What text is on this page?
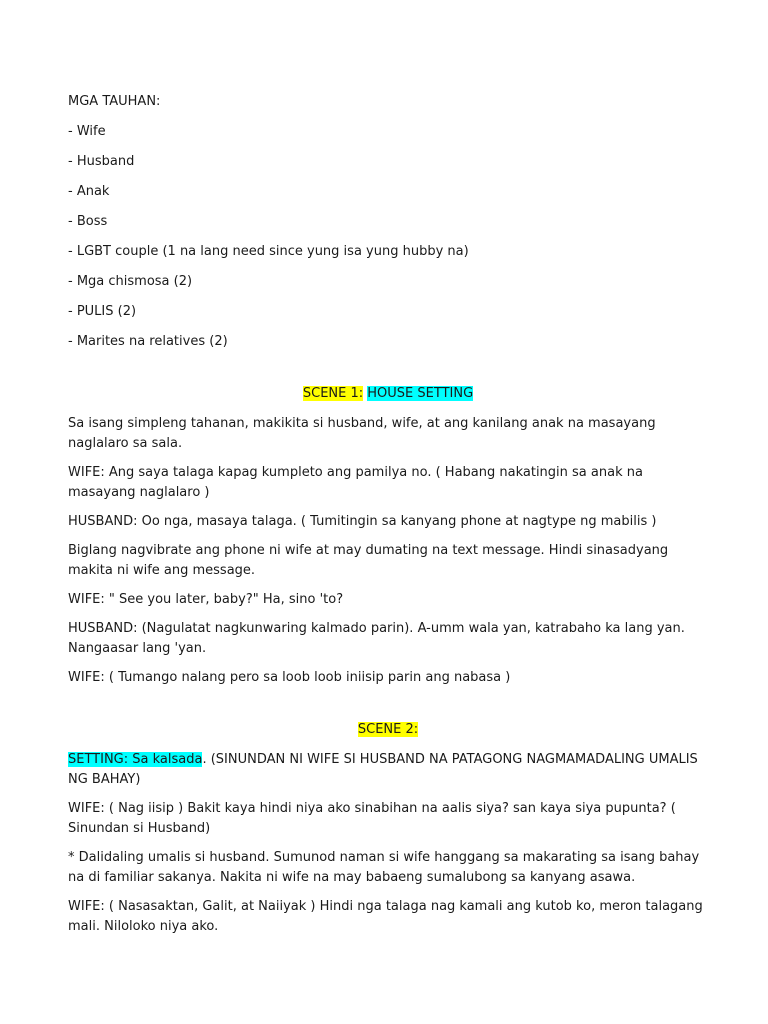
MGA TAUHAN:

- Wife

- Husband

- Anak

- Boss

- LGBT couple (1 na lang need since yung isa yung hubby na)

- Mga chismosa (2)

- PULIS (2)

- Marites na relatives (2)

SCENE 1: HOUSE SETTING

Sa isang simpleng tahanan, makikita si husband, wife, at ang kanilang anak na masayang naglalaro sa sala.

WIFE: Ang saya talaga kapag kumpleto ang pamilya no. ( Habang nakatingin sa anak na masayang naglalaro )

HUSBAND: Oo nga, masaya talaga. ( Tumitingin sa kanyang phone at nagtype ng mabilis )

Biglang nagvibrate ang phone ni wife at may dumating na text message. Hindi sinasadyang makita ni wife ang message.

WIFE: " See you later, baby?" Ha, sino 'to?

HUSBAND: (Nagulatat nagkunwaring kalmado parin). A-umm wala yan, katrabaho ka lang yan. Nangaasar lang 'yan.

WIFE: ( Tumango nalang pero sa loob loob iniisip parin ang nabasa )

SCENE 2:

SETTING: Sa kalsada. (SINUNDAN NI WIFE SI HUSBAND NA PATAGONG NAGMAMADALING UMALIS NG BAHAY)

WIFE: ( Nag iisip ) Bakit kaya hindi niya ako sinabihan na aalis siya? san kaya siya pupunta? ( Sinundan si Husband)

* Dalidaling umalis si husband. Sumunod naman si wife hanggang sa makarating sa isang bahay na di familiar sakanya. Nakita ni wife na may babaeng sumalubong sa kanyang asawa.

WIFE: ( Nasasaktan, Galit, at Naiiyak ) Hindi nga talaga nag kamali ang kutob ko, meron talagang mali. Niloloko niya ako.
